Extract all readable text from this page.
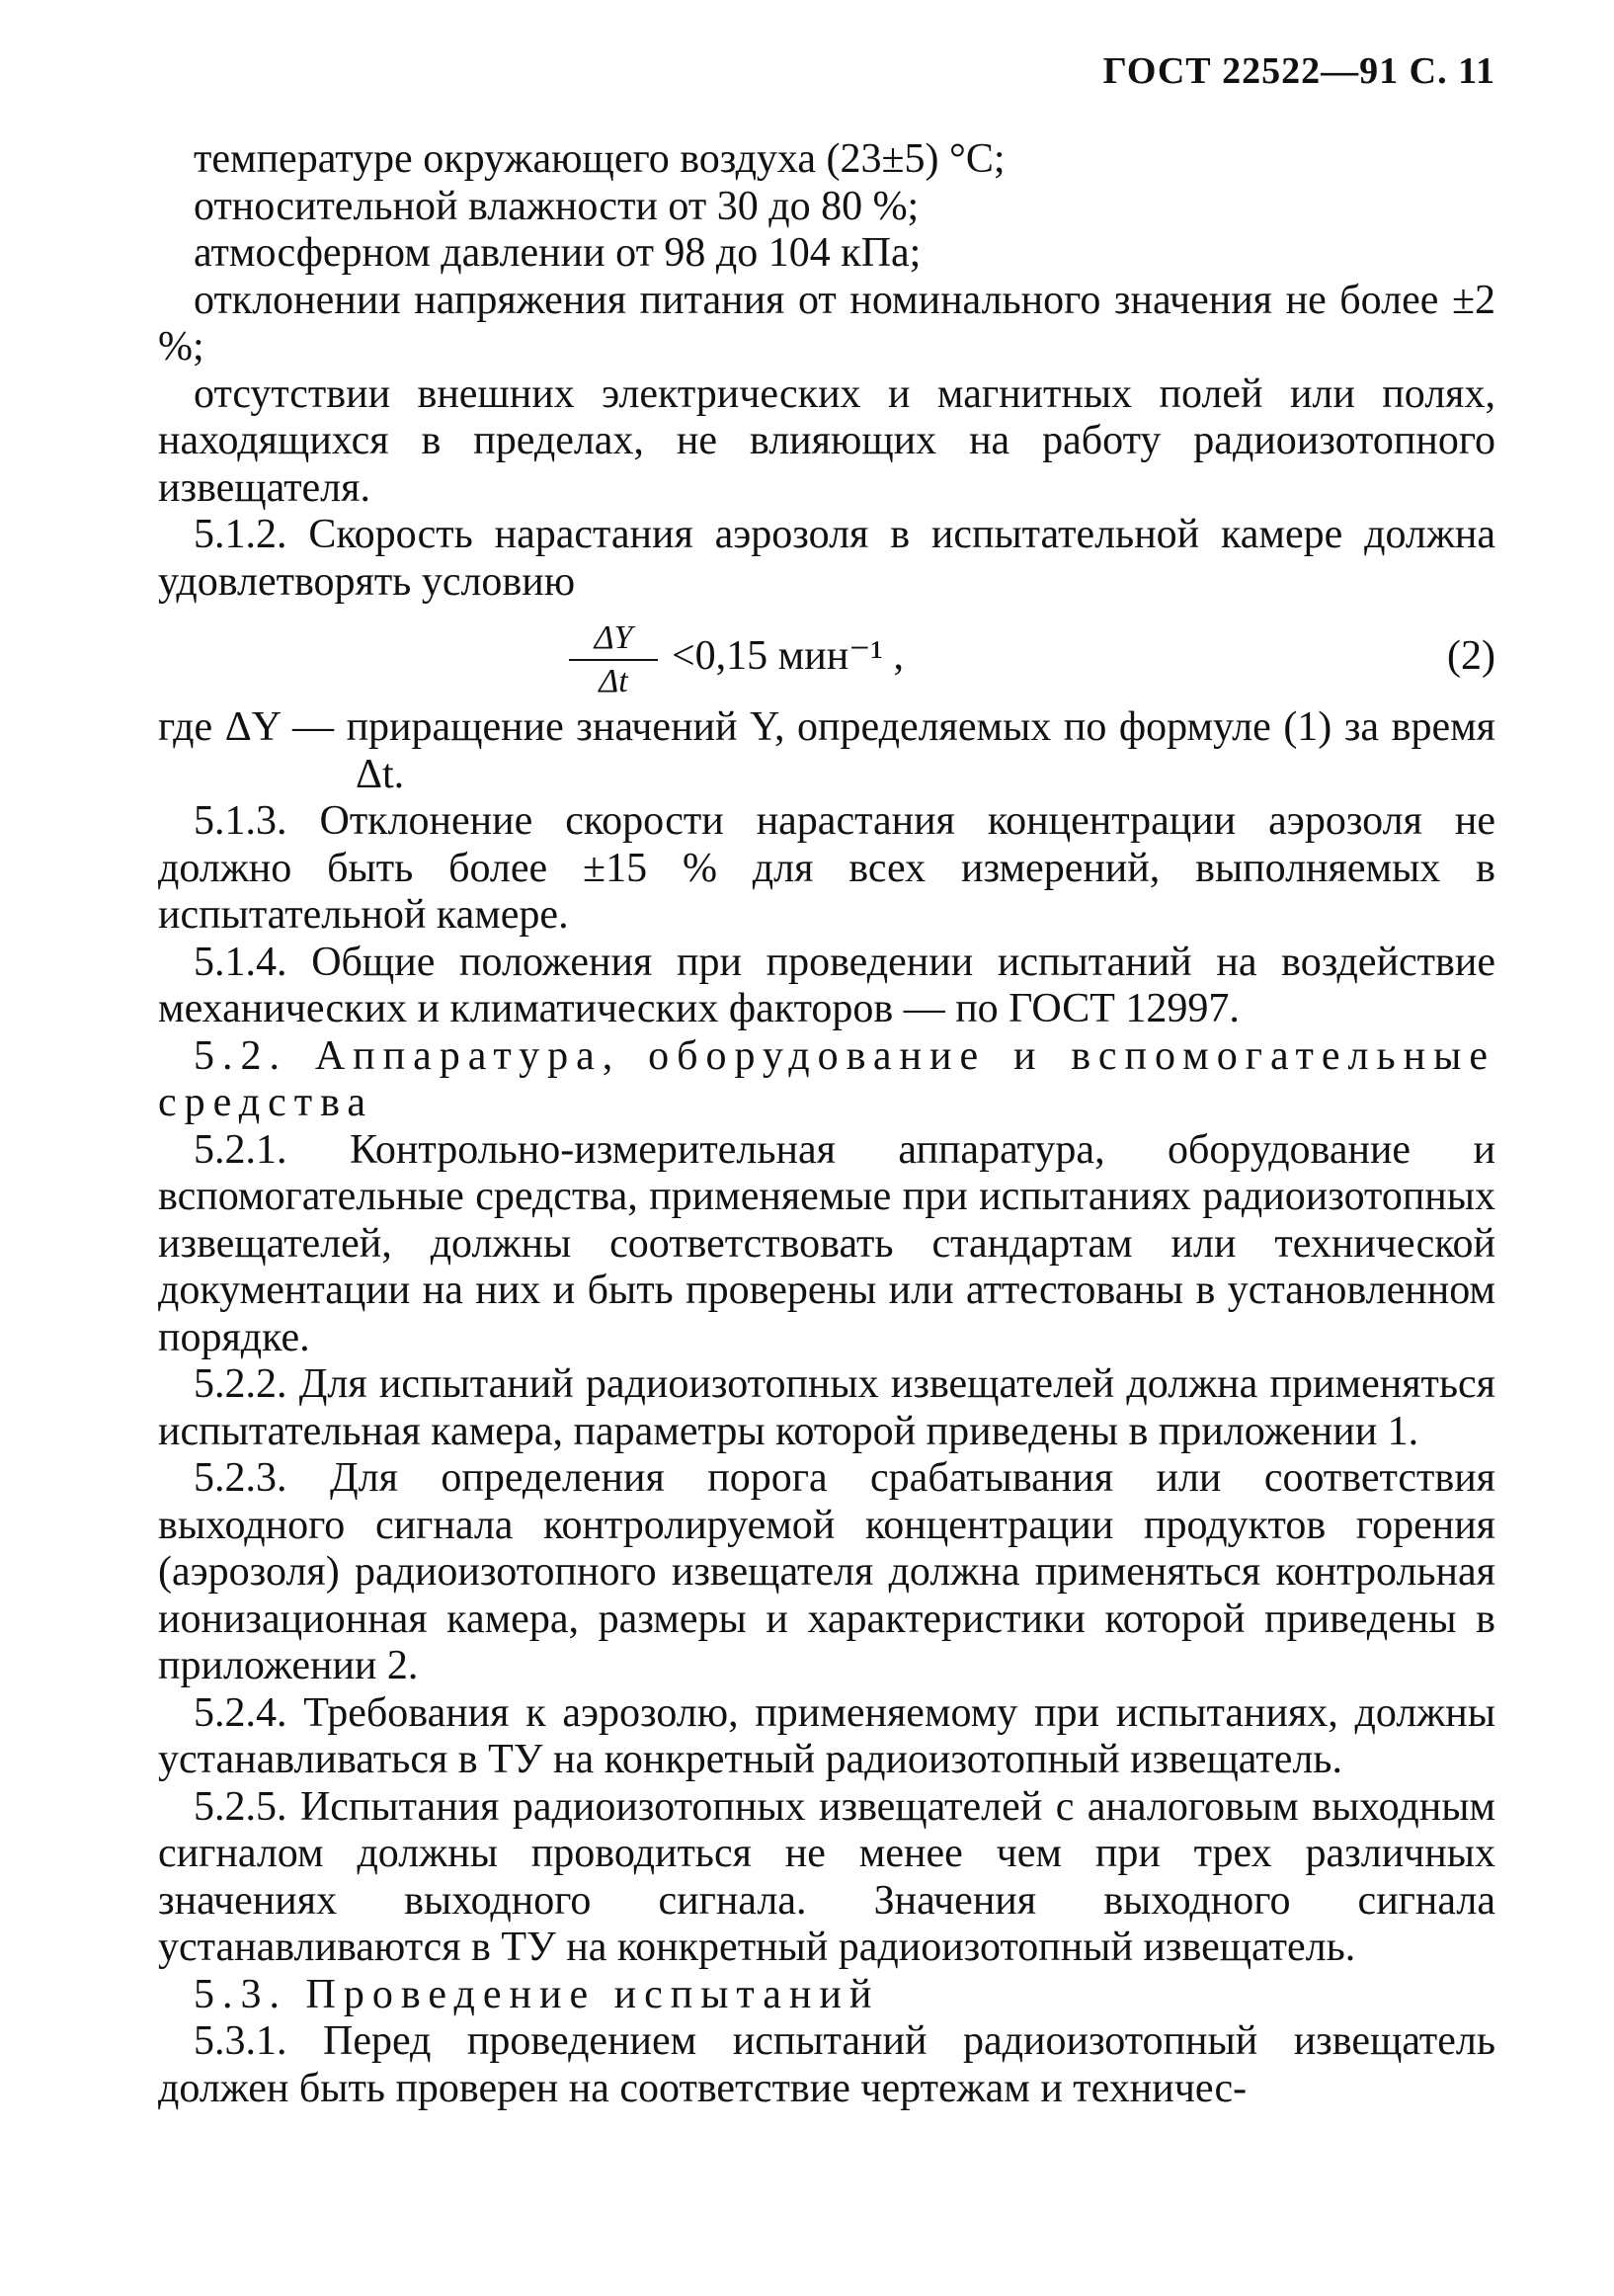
ГОСТ 22522—91 С. 11

температуре окружающего воздуха (23±5) °С;

относительной влажности от 30 до 80 %;

атмосферном давлении от 98 до 104 кПа;

отклонении напряжения питания от номинального значения не более ±2 %;

отсутствии внешних электрических и магнитных полей или полях, находящихся в пределах, не влияющих на работу радиоизотопного извещателя.

5.1.2. Скорость нарастания аэрозоля в испытательной камере должна удовлетворять условию

$\frac{\Delta Y}{\Delta t} <0,15$ мин⁻¹ ,	(2)

где ΔY — приращение значений Y, определяемых по формуле (1) за время Δt.

5.1.3. Отклонение скорости нарастания концентрации аэрозоля не должно быть более ±15 % для всех измерений, выполняемых в испытательной камере.

5.1.4. Общие положения при проведении испытаний на воздействие механических и климатических факторов — по ГОСТ 12997.

5.2. Аппаратура, оборудование и вспомогательные средства

5.2.1. Контрольно-измерительная аппаратура, оборудование и вспомогательные средства, применяемые при испытаниях радиоизотопных извещателей, должны соответствовать стандартам или технической документации на них и быть проверены или аттестованы в установленном порядке.

5.2.2. Для испытаний радиоизотопных извещателей должна применяться испытательная камера, параметры которой приведены в приложении 1.

5.2.3. Для определения порога срабатывания или соответствия выходного сигнала контролируемой концентрации продуктов горения (аэрозоля) радиоизотопного извещателя должна применяться контрольная ионизационная камера, размеры и характеристики которой приведены в приложении 2.

5.2.4. Требования к аэрозолю, применяемому при испытаниях, должны устанавливаться в ТУ на конкретный радиоизотопный извещатель.

5.2.5. Испытания радиоизотопных извещателей с аналоговым выходным сигналом должны проводиться не менее чем при трех различных значениях выходного сигнала. Значения выходного сигнала устанавливаются в ТУ на конкретный радиоизотопный извещатель.

5.3. Проведение испытаний

5.3.1. Перед проведением испытаний радиоизотопный извещатель должен быть проверен на соответствие чертежам и техничес-
